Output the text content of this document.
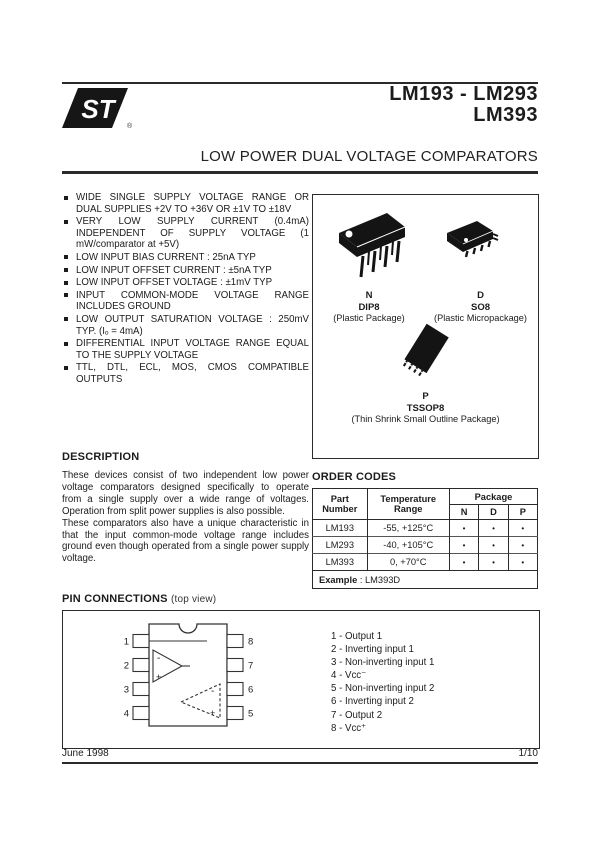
ST
®
LM193 - LM293
LM393
LOW POWER DUAL VOLTAGE COMPARATORS
WIDE SINGLE SUPPLY VOLTAGE RANGE OR DUAL SUPPLIES +2V TO +36V OR ±1V TO ±18V
VERY LOW SUPPLY CURRENT (0.4mA) INDEPENDENT OF SUPPLY VOLTAGE (1 mW/comparator at +5V)
LOW INPUT BIAS CURRENT : 25nA TYP
LOW INPUT OFFSET CURRENT : ±5nA TYP
LOW INPUT OFFSET VOLTAGE : ±1mV TYP
INPUT COMMON-MODE VOLTAGE RANGE INCLUDES GROUND
LOW OUTPUT SATURATION VOLTAGE : 250mV TYP. (Iₒ = 4mA)
DIFFERENTIAL INPUT VOLTAGE RANGE EQUAL TO THE SUPPLY VOLTAGE
TTL, DTL, ECL, MOS, CMOS COMPATIBLE OUTPUTS
DESCRIPTION

These devices consist of two independent low power voltage comparators designed specifically to operate from a single supply over a wide range of voltages. Operation from split power supplies is also possible.

These comparators also have a unique characteristic in that the input common-mode voltage range includes ground even though operated from a single power supply voltage.

N
DIP8
(Plastic Package)
D
SO8
(Plastic Micropackage)
P
TSSOP8
(Thin Shrink Small Outline Package)
ORDER CODES
Part Number	Temperature Range	Package		
		N	D	P
LM193	-55, +125°C	•	•	•
LM293	-40, +105°C	•	•	•
LM393	0, +70°C	•	•	•
Example : LM393D				
PIN CONNECTIONS (top view)
1
2
3
4
8
7
6
5
-
+
-
+
1 - Output 1
2 - Inverting input 1
3 - Non-inverting input 1
4 - Vcc⁻
5 - Non-inverting input 2
6 - Inverting input 2
7 - Output 2
8 - Vcc⁺
June 1998	1/10
